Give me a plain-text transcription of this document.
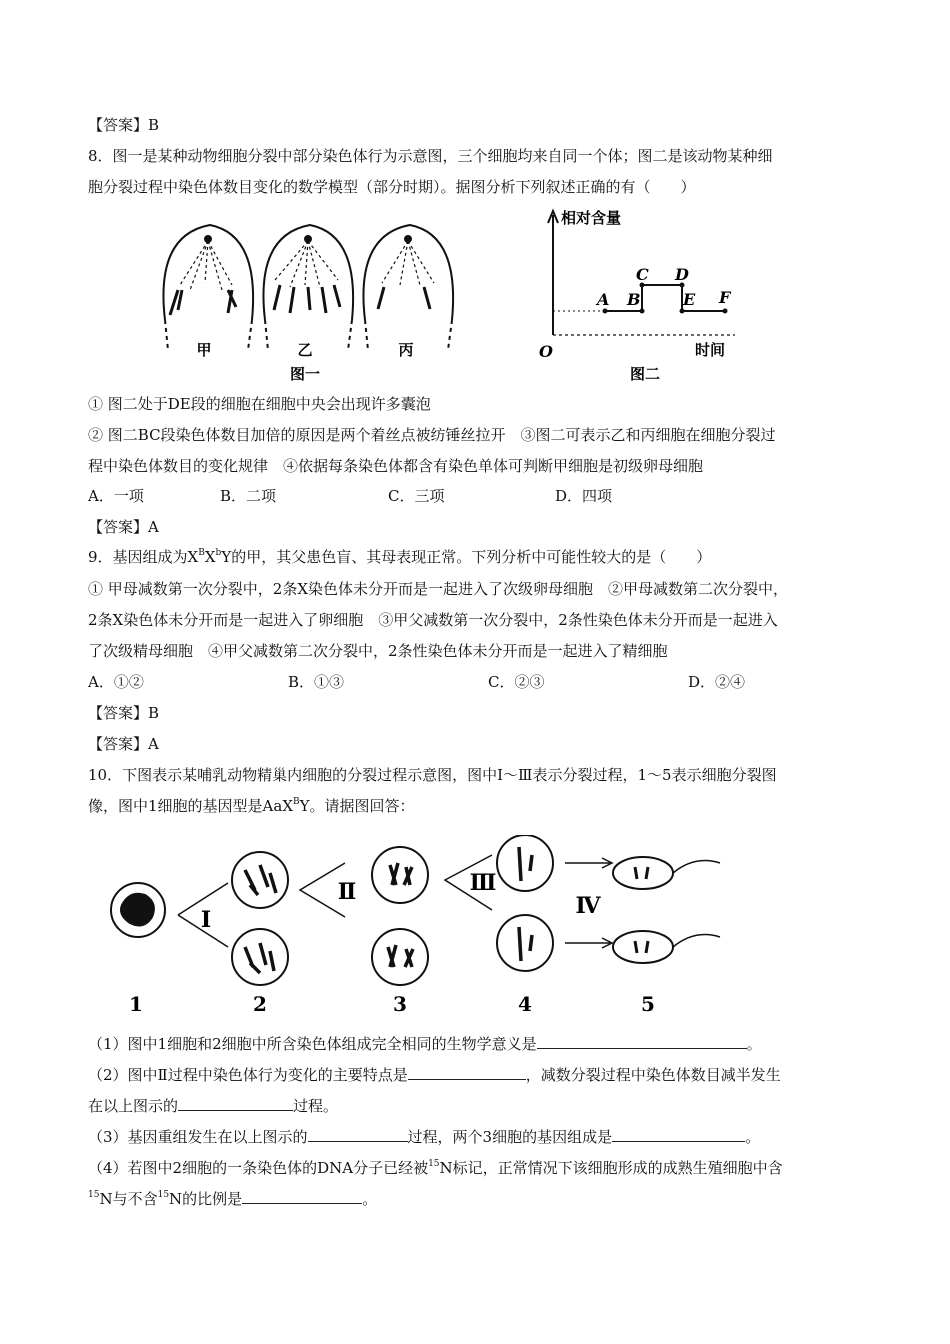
【答案】B
8．图一是某种动物细胞分裂中部分染色体行为示意图，三个细胞均来自同一个体；图二是该动物某种细
胞分裂过程中染色体数目变化的数学模型（部分时期）。据图分析下列叙述正确的有（　　）
甲	乙	丙
图一
相对含量
时间
O
A B
C D
E F
图二
① 图二处于DE段的细胞在细胞中央会出现许多囊泡
② 图二BC段染色体数目加倍的原因是两个着丝点被纺锤丝拉开　③图二可表示乙和丙细胞在细胞分裂过
程中染色体数目的变化规律　④依据每条染色体都含有染色单体可判断甲细胞是初级卵母细胞
A．一项	B．二项	C．三项	D．四项
【答案】A
9．基因组成为$X^BX^bY$的甲，其父患色盲、其母表现正常。下列分析中可能性较大的是（　　）
① 甲母减数第一次分裂中，2条X染色体未分开而是一起进入了次级卵母细胞　②甲母减数第二次分裂中，
2条X染色体未分开而是一起进入了卵细胞　③甲父减数第一次分裂中，2条性染色体未分开而是一起进入
了次级精母细胞　④甲父减数第二次分裂中，2条性染色体未分开而是一起进入了精细胞
A．①②	B．①③	C．②③	D．②④
【答案】B
【答案】A
10．下图表示某哺乳动物精巢内细胞的分裂过程示意图，图中Ⅰ～Ⅲ表示分裂过程，1～5表示细胞分裂图
像，图中1细胞的基因型是AaX$^B$Y。请据图回答：
Ⅰ
Ⅱ	Ⅲ
Ⅳ
1	2	3	4	5
（1）图中1细胞和2细胞中所含染色体组成完全相同的生物学意义是	。
（2）图中Ⅱ过程中染色体行为变化的主要特点是	，减数分裂过程中染色体数目减半发生
在以上图示的	过程。
（3）基因重组发生在以上图示的	过程，两个3细胞的基因组成是	。
（4）若图中2细胞的一条染色体的DNA分子已经被$^{15}$N标记，正常情况下该细胞形成的成熟生殖细胞中含
$^{15}$N与不含$^{15}$N的比例是	。
